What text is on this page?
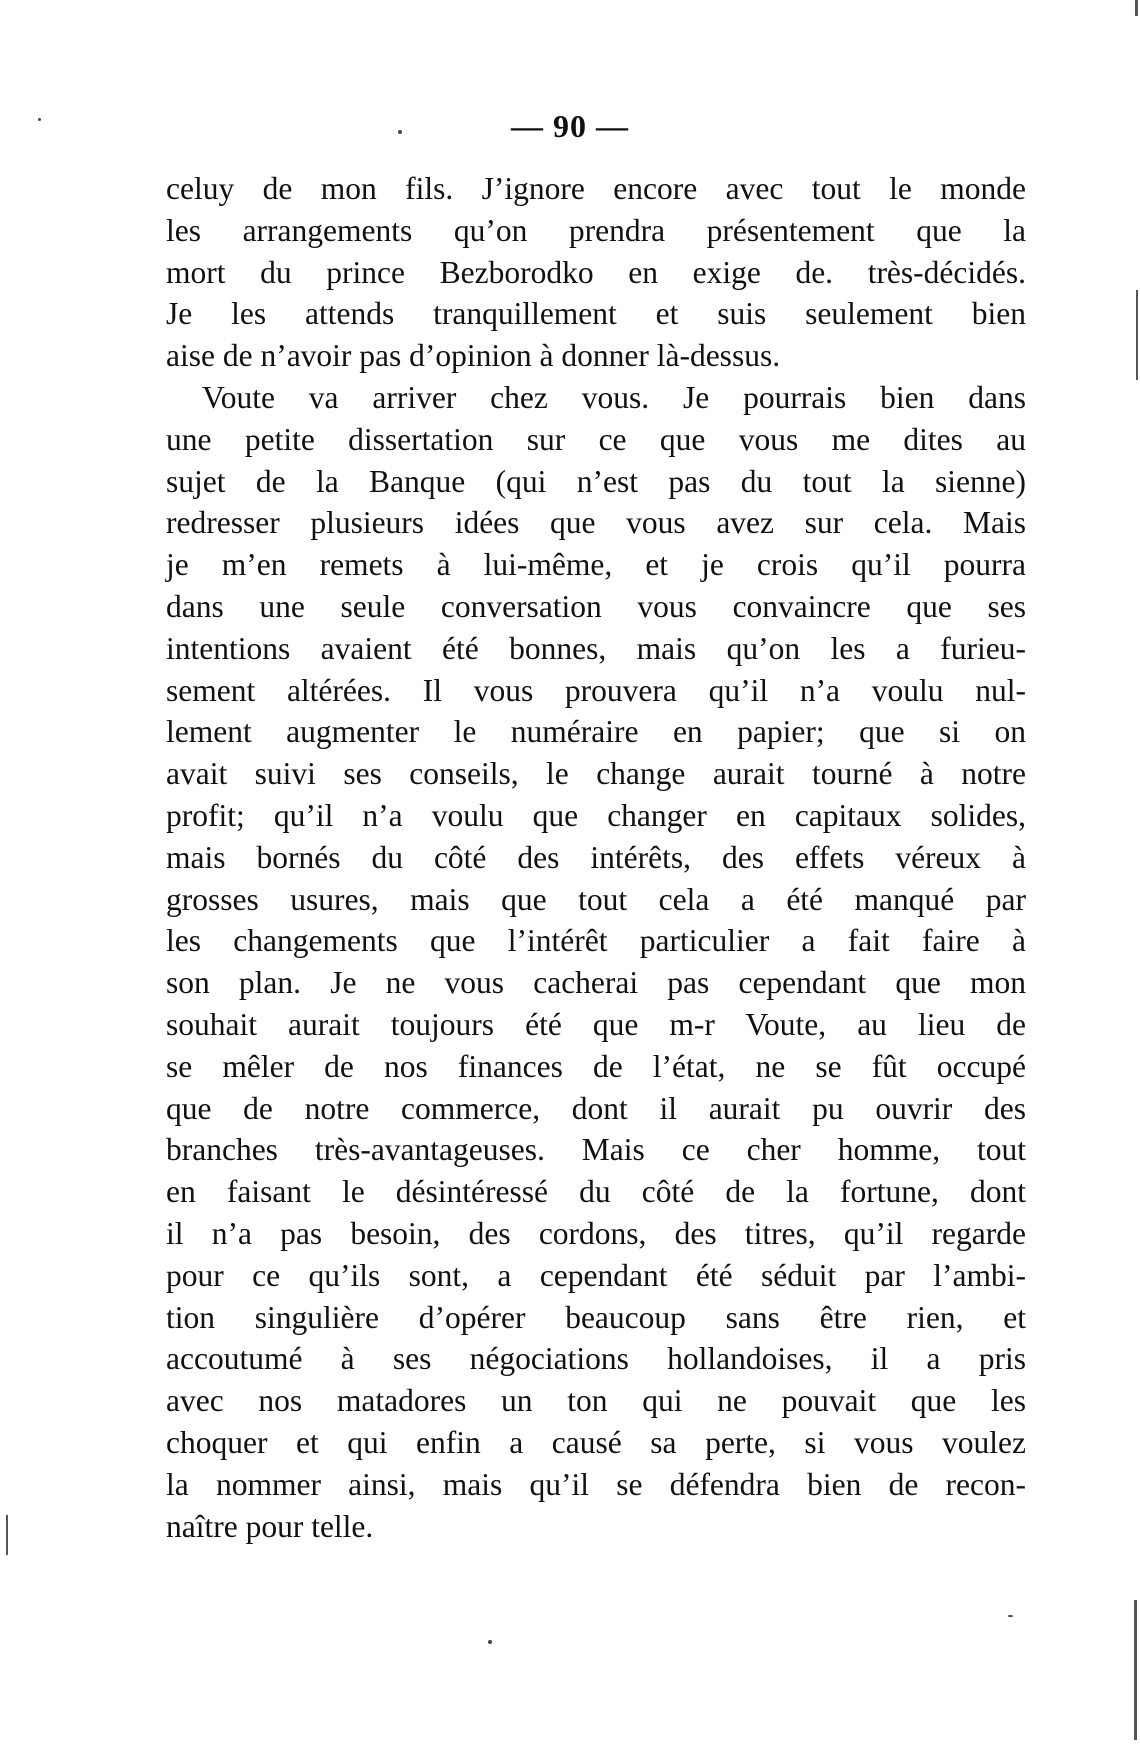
— 90 —
celuy de mon fils. J’ignore encore avec tout le monde
les arrangements qu’on prendra présentement que la
mort du prince Bezborodko en exige de. très-décidés.
Je les attends tranquillement et suis seulement bien
aise de n’avoir pas d’opinion à donner là-dessus.
Voute va arriver chez vous. Je pourrais bien dans
une petite dissertation sur ce que vous me dites au
sujet de la Banque (qui n’est pas du tout la sienne)
redresser plusieurs idées que vous avez sur cela. Mais
je m’en remets à lui-même, et je crois qu’il pourra
dans une seule conversation vous convaincre que ses
intentions avaient été bonnes, mais qu’on les a furieu-
sement altérées. Il vous prouvera qu’il n’a voulu nul-
lement augmenter le numéraire en papier; que si on
avait suivi ses conseils, le change aurait tourné à notre
profit; qu’il n’a voulu que changer en capitaux solides,
mais bornés du côté des intérêts, des effets véreux à
grosses usures, mais que tout cela a été manqué par
les changements que l’intérêt particulier a fait faire à
son plan. Je ne vous cacherai pas cependant que mon
souhait aurait toujours été que m-r Voute, au lieu de
se mêler de nos finances de l’état, ne se fût occupé
que de notre commerce, dont il aurait pu ouvrir des
branches très-avantageuses. Mais ce cher homme, tout
en faisant le désintéressé du côté de la fortune, dont
il n’a pas besoin, des cordons, des titres, qu’il regarde
pour ce qu’ils sont, a cependant été séduit par l’ambi-
tion singulière d’opérer beaucoup sans être rien, et
accoutumé à ses négociations hollandoises, il a pris
avec nos matadores un ton qui ne pouvait que les
choquer et qui enfin a causé sa perte, si vous voulez
la nommer ainsi, mais qu’il se défendra bien de recon-
naître pour telle.
